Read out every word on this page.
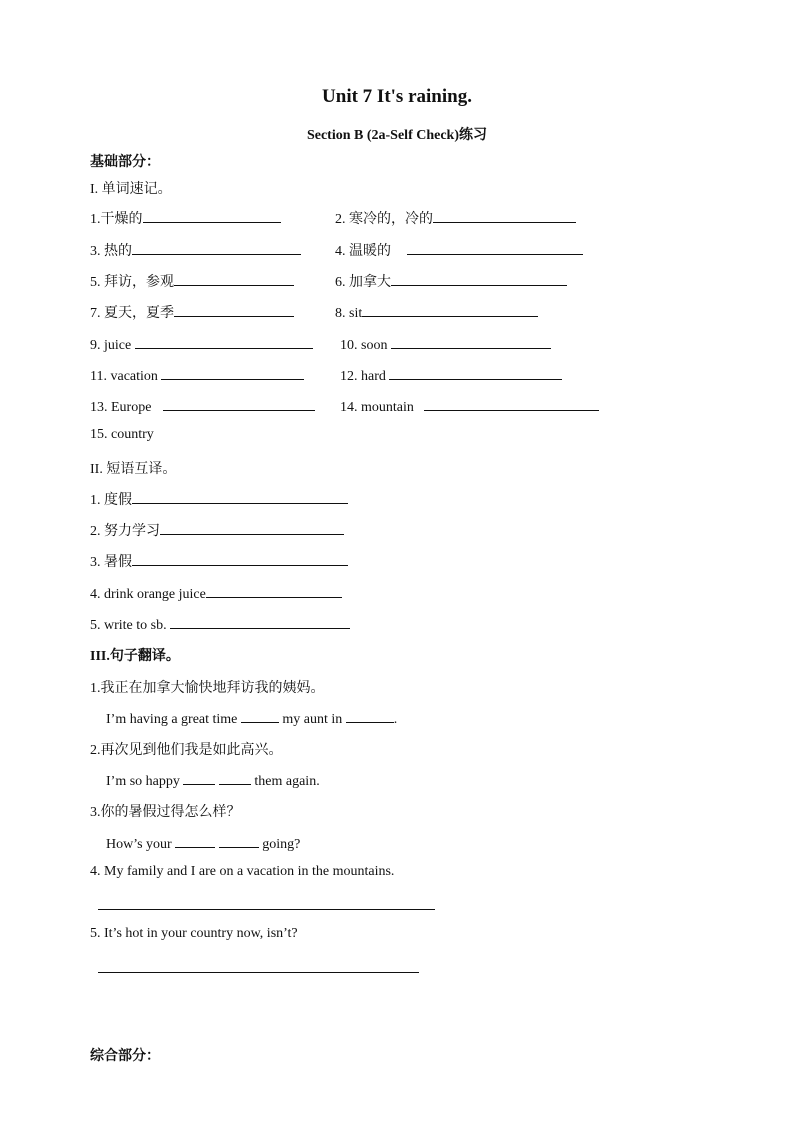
Unit 7 It's raining.
Section B (2a-Self Check)练习
基础部分：
I. 单词速记。
1.干燥的	2. 寒冷的，冷的
3. 热的	4. 温暖的
5. 拜访，参观	6. 加拿大
7. 夏天，夏季	8. sit
9. juice	10. soon
11. vacation	12. hard
13. Europe	14. mountain
15. country
II. 短语互译。
1. 度假
2. 努力学习
3. 暑假
4. drink orange juice
5. write to sb.
III.句子翻译。
1.我正在加拿大愉快地拜访我的姨妈。
I’m having a great time	my aunt in	.
2.再次见到他们我是如此高兴。
I’m so happy	them again.
3.你的暑假过得怎么样？
How’s your	going?
4. My family and I are on a vacation in the mountains.
5. It’s hot in your country now, isn’t?
综合部分：
